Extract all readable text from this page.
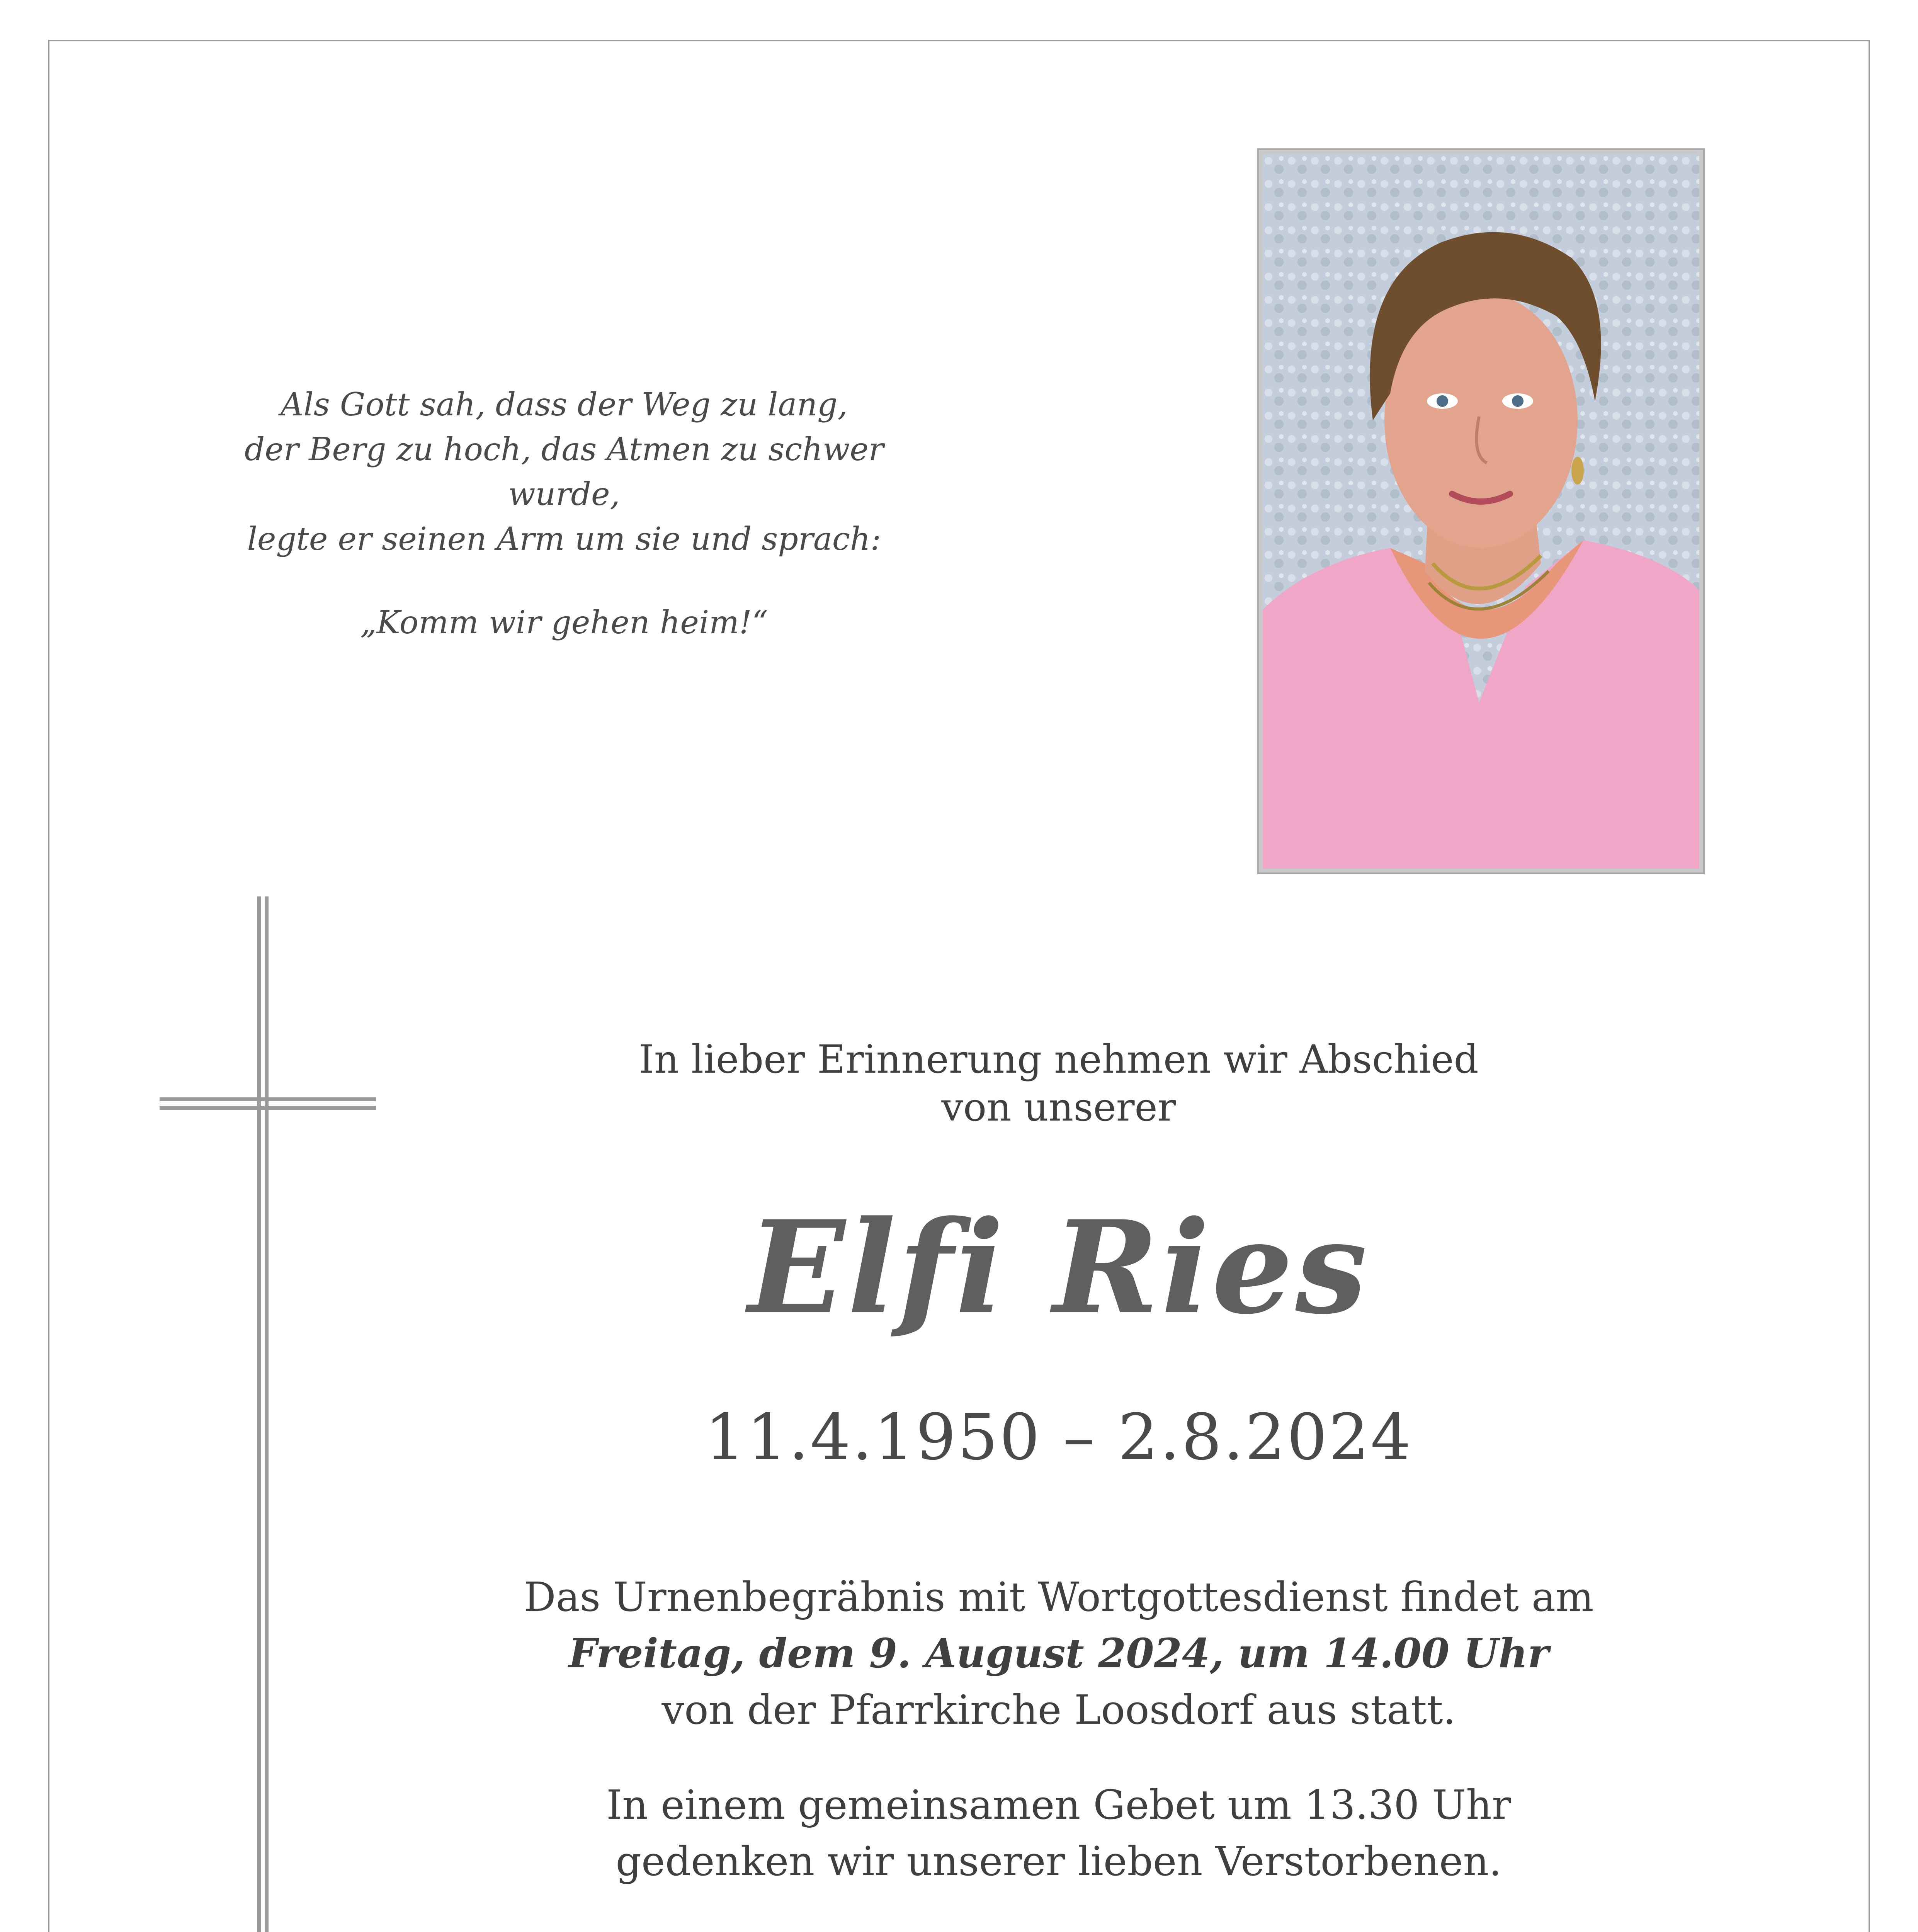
Als Gott sah, dass der Weg zu lang,
der Berg zu hoch, das Atmen zu schwer wurde,
legte er seinen Arm um sie und sprach:
„Komm wir gehen heim!“
In lieber Erinnerung nehmen wir Abschied
von unserer
Elfi Ries
11.4.1950 – 2.8.2024
Das Urnenbegräbnis mit Wortgottesdienst findet am
Freitag, dem 9. August 2024, um 14.00 Uhr
von der Pfarrkirche Loosdorf aus statt.
In einem gemeinsamen Gebet um 13.30 Uhr
gedenken wir unserer lieben Verstorbenen.
